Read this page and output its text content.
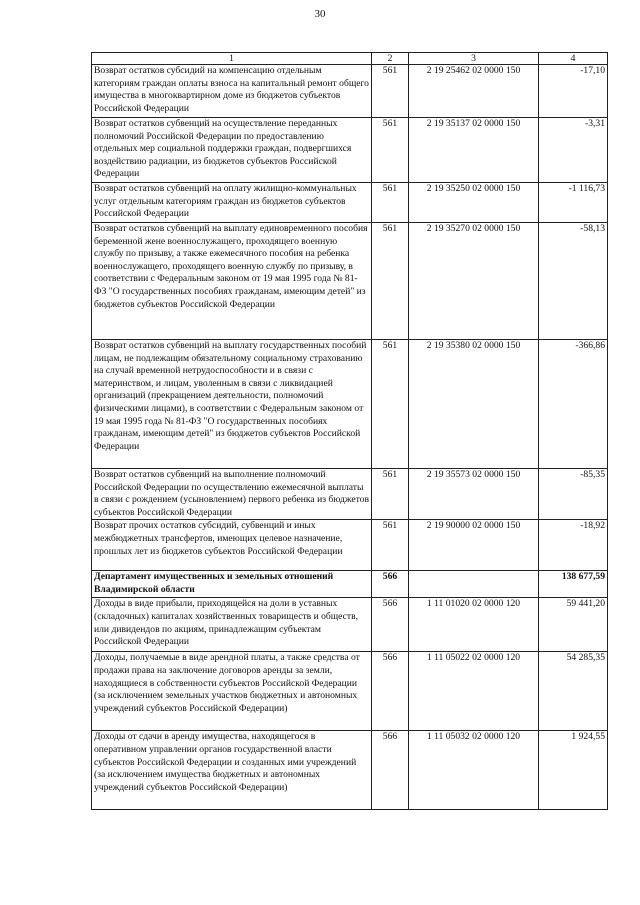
30
1	2	3	4
Возврат остатков субсидий на компенсацию отдельным категориям граждан оплаты взноса на капитальный ремонт общего имущества в многоквартирном доме из бюджетов субъектов Российской Федерации	561	2 19 25462 02 0000 150	-17,10
Возврат остатков субвенций на осуществление переданных полномочий Российской Федерации по предоставлению отдельных мер социальной поддержки граждан, подвергшихся воздействию радиации, из бюджетов субъектов Российской Федерации	561	2 19 35137 02 0000 150	-3,31
Возврат остатков субвенций на оплату жилищно-коммунальных услуг отдельным категориям граждан из бюджетов субъектов Российской Федерации	561	2 19 35250 02 0000 150	-1 116,73
Возврат остатков субвенций на выплату единовременного пособия беременной жене военнослужащего, проходящего военную службу по призыву, а также ежемесячного пособия на ребенка военнослужащего, проходящего военную службу по призыву, в соответствии с Федеральным законом от 19 мая 1995 года № 81-ФЗ "О государственных пособиях гражданам, имеющим детей" из бюджетов субъектов Российской Федерации	561	2 19 35270 02 0000 150	-58,13
Возврат остатков субвенций на выплату государственных пособий лицам, не подлежащим обязательному социальному страхованию на случай временной нетрудоспособности и в связи с материнством, и лицам, уволенным в связи с ликвидацией организаций (прекращением деятельности, полномочий физическими лицами), в соответствии с Федеральным законом от 19 мая 1995 года № 81-ФЗ "О государственных пособиях гражданам, имеющим детей" из бюджетов субъектов Российской Федерации	561	2 19 35380 02 0000 150	-366,86
Возврат остатков субвенций на выполнение полномочий Российской Федерации по осуществлению ежемесячной выплаты в связи с рождением (усыновлением) первого ребенка из бюджетов субъектов Российской Федерации	561	2 19 35573 02 0000 150	-85,35
Возврат прочих остатков субсидий, субвенций и иных межбюджетных трансфертов, имеющих целевое назначение, прошлых лет из бюджетов субъектов Российской Федерации	561	2 19 90000 02 0000 150	-18,92
Департамент имущественных и земельных отношений Владимирской области	566		138 677,59
Доходы в виде прибыли, приходящейся на доли в уставных (складочных) капиталах хозяйственных товариществ и обществ, или дивидендов по акциям, принадлежащим субъектам Российской Федерации	566	1 11 01020 02 0000 120	59 441,20
Доходы, получаемые в виде арендной платы, а также средства от продажи права на заключение договоров аренды за земли, находящиеся в собственности субъектов Российской Федерации (за исключением земельных участков бюджетных и автономных учреждений субъектов Российской Федерации)	566	1 11 05022 02 0000 120	54 285,35
Доходы от сдачи в аренду имущества, находящегося в оперативном управлении органов государственной власти субъектов Российской Федерации и созданных ими учреждений (за исключением имущества бюджетных и автономных учреждений субъектов Российской Федерации)	566	1 11 05032 02 0000 120	1 924,55
